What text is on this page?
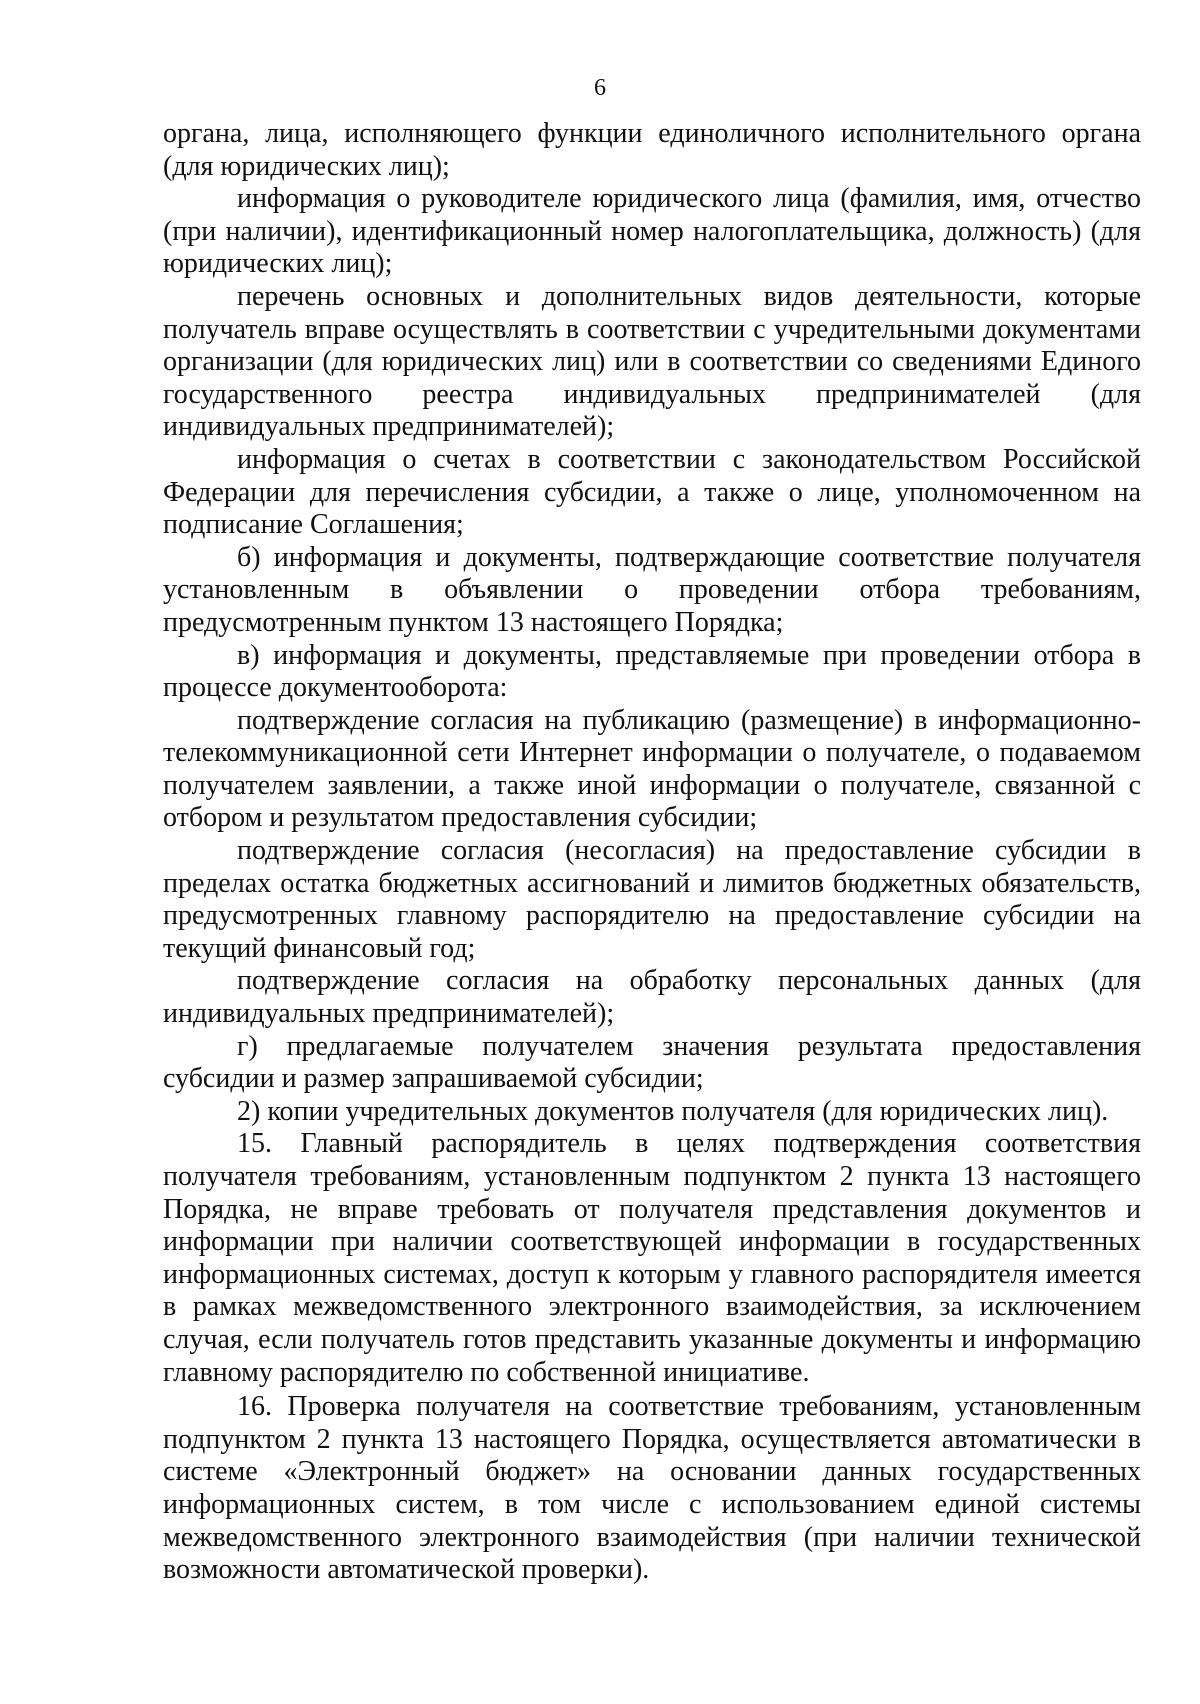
6

органа, лица, исполняющего функции единоличного исполнительного органа (для юридических лиц);

информация о руководителе юридического лица (фамилия, имя, отчество (при наличии), идентификационный номер налогоплательщика, должность) (для юридических лиц);

перечень основных и дополнительных видов деятельности, которые получатель вправе осуществлять в соответствии с учредительными документами организации (для юридических лиц) или в соответствии со сведениями Единого государственного реестра индивидуальных предпринимателей (для индивидуальных предпринимателей);

информация о счетах в соответствии с законодательством Российской Федерации для перечисления субсидии, а также о лице, уполномоченном на подписание Соглашения;

б) информация и документы, подтверждающие соответствие получателя установленным в объявлении о проведении отбора требованиям, предусмотренным пунктом 13 настоящего Порядка;

в) информация и документы, представляемые при проведении отбора в процессе документооборота:

подтверждение согласия на публикацию (размещение) в информационно-телекоммуникационной сети Интернет информации о получателе, о подаваемом получателем заявлении, а также иной информации о получателе, связанной с отбором и результатом предоставления субсидии;

подтверждение согласия (несогласия) на предоставление субсидии в пределах остатка бюджетных ассигнований и лимитов бюджетных обязательств, предусмотренных главному распорядителю на предоставление субсидии на текущий финансовый год;

подтверждение согласия на обработку персональных данных (для индивидуальных предпринимателей);

г) предлагаемые получателем значения результата предоставления субсидии и размер запрашиваемой субсидии;

2) копии учредительных документов получателя (для юридических лиц).

15. Главный распорядитель в целях подтверждения соответствия получателя требованиям, установленным подпунктом 2 пункта 13 настоящего Порядка, не вправе требовать от получателя представления документов и информации при наличии соответствующей информации в государственных информационных системах, доступ к которым у главного распорядителя имеется в рамках межведомственного электронного взаимодействия, за исключением случая, если получатель готов представить указанные документы и информацию главному распорядителю по собственной инициативе.

16. Проверка получателя на соответствие требованиям, установленным подпунктом 2 пункта 13 настоящего Порядка, осуществляется автоматически в системе «Электронный бюджет» на основании данных государственных информационных систем, в том числе с использованием единой системы межведомственного электронного взаимодействия (при наличии технической возможности автоматической проверки).
